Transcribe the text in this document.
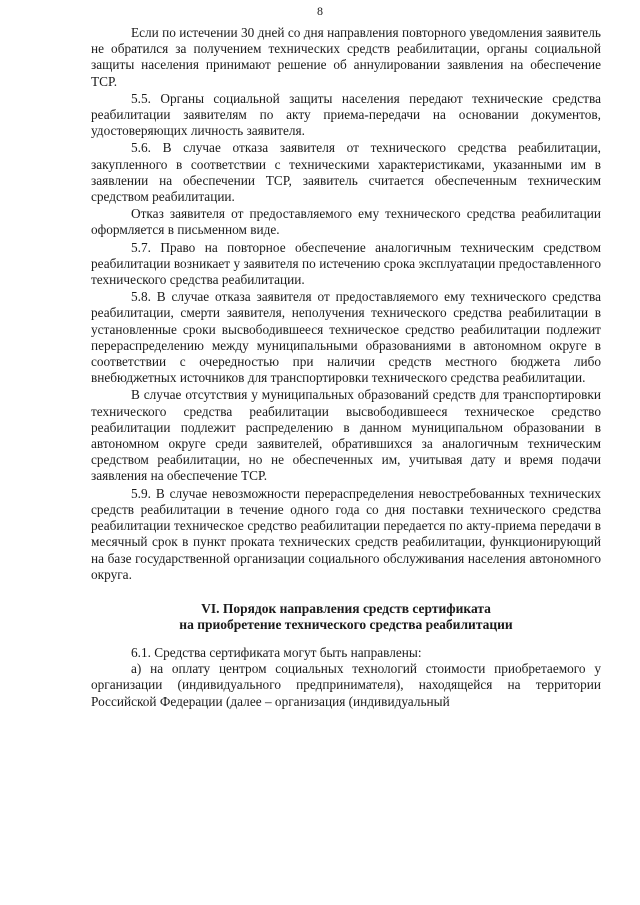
8

Если по истечении 30 дней со дня направления повторного уведомления заявитель не обратился за получением технических средств реабилитации, органы социальной защиты населения принимают решение об аннулировании заявления на обеспечение ТСР.

5.5. Органы социальной защиты населения передают технические средства реабилитации заявителям по акту приема-передачи на основании документов, удостоверяющих личность заявителя.

5.6. В случае отказа заявителя от технического средства реабилитации, закупленного в соответствии с техническими характеристиками, указанными им в заявлении на обеспечении ТСР, заявитель считается обеспеченным техническим средством реабилитации.

Отказ заявителя от предоставляемого ему технического средства реабилитации оформляется в письменном виде.

5.7. Право на повторное обеспечение аналогичным техническим средством реабилитации возникает у заявителя по истечению срока эксплуатации предоставленного технического средства реабилитации.

5.8. В случае отказа заявителя от предоставляемого ему технического средства реабилитации, смерти заявителя, неполучения технического средства реабилитации в установленные сроки высвободившееся техническое средство реабилитации подлежит перераспределению между муниципальными образованиями в автономном округе в соответствии с очередностью при наличии средств местного бюджета либо внебюджетных источников для транспортировки технического средства реабилитации.

В случае отсутствия у муниципальных образований средств для транспортировки технического средства реабилитации высвободившееся техническое средство реабилитации подлежит распределению в данном муниципальном образовании в автономном округе среди заявителей, обратившихся за аналогичным техническим средством реабилитации, но не обеспеченных им, учитывая дату и время подачи заявления на обеспечение ТСР.

5.9. В случае невозможности перераспределения невостребованных технических средств реабилитации в течение одного года со дня поставки технического средства реабилитации техническое средство реабилитации передается по акту-приема передачи в месячный срок в пункт проката технических средств реабилитации, функционирующий на базе государственной организации социального обслуживания населения автономного округа.

VI. Порядок направления средств сертификата
на приобретение технического средства реабилитации

6.1. Средства сертификата могут быть направлены:

а) на оплату центром социальных технологий стоимости приобретаемого у организации (индивидуального предпринимателя), находящейся на территории Российской Федерации (далее – организация (индивидуальный
